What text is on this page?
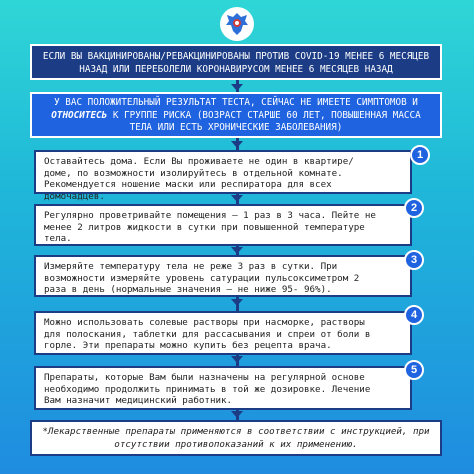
ЕСЛИ ВЫ ВАКЦИНИРОВАНЫ/РЕВАКЦИНИРОВАНЫ ПРОТИВ COVID-19 МЕНЕЕ 6 МЕСЯЦЕВ НАЗАД ИЛИ ПЕРЕБОЛЕЛИ КОРОНАВИРУСОМ МЕНЕЕ 6 МЕСЯЦЕВ НАЗАД
У ВАС ПОЛОЖИТЕЛЬНЫЙ РЕЗУЛЬТАТ ТЕСТА, СЕЙЧАС НЕ ИМЕЕТЕ СИМПТОМОВ И ОТНОСИТЕСЬ К ГРУППЕ РИСКА (ВОЗРАСТ СТАРШЕ 60 ЛЕТ, ПОВЫШЕННАЯ МАССА ТЕЛА ИЛИ ЕСТЬ ХРОНИЧЕСКИЕ ЗАБОЛЕВАНИЯ)
Оставайтесь дома. Если Вы проживаете не один в квартире/доме, по возможности изолируйтесь в отдельной комнате. Рекомендуется ношение маски или респиратора для всех домочадцев.
1
Регулярно проветривайте помещения – 1 раз в 3 часа. Пейте не менее 2 литров жидкости в сутки при повышенной температуре тела.
2
Измеряйте температуру тела не реже 3 раз в сутки. При возможности измеряйте уровень сатурации пульсоксиметром 2 раза в день (нормальные значения – не ниже 95- 96%).
3
Можно использовать солевые растворы при насморке, растворы для полоскания, таблетки для рассасывания и спреи от боли в горле. Эти препараты можно купить без рецепта врача.
4
Препараты, которые Вам были назначены на регулярной основе необходимо продолжить принимать в той же дозировке. Лечение Вам назначит медицинский работник.
5
*Лекарственные препараты применяются в соответствии с инструкцией, при отсутствии противопоказаний к их применению.
